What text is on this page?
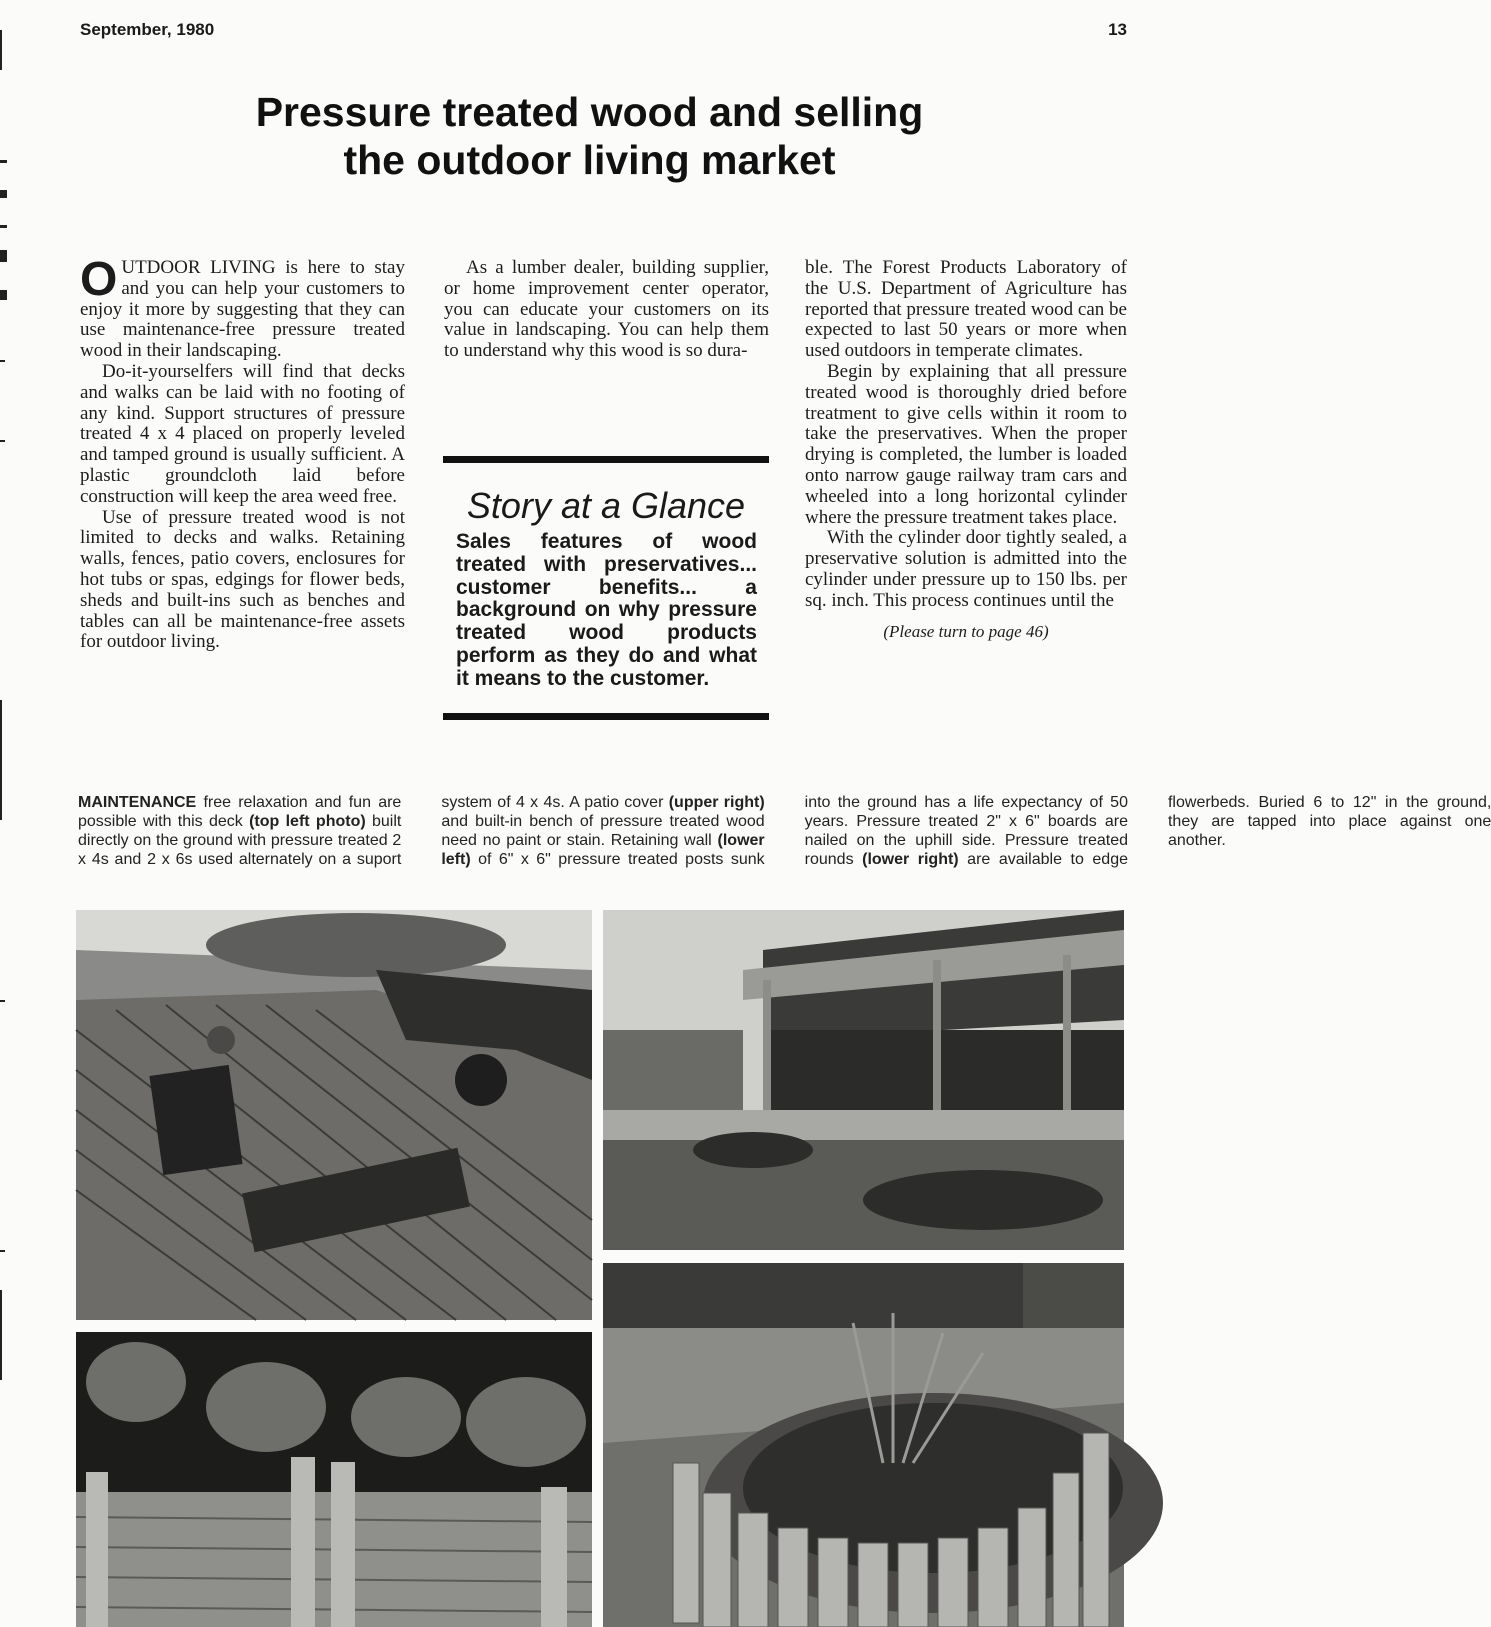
September, 1980	13
Pressure treated wood and selling
the outdoor living market

OUTDOOR LIVING is here to stay and you can help your customers to enjoy it more by suggesting that they can use maintenance-free pressure treated wood in their landscaping.

Do-it-yourselfers will find that decks and walks can be laid with no footing of any kind. Support structures of pressure treated 4 x 4 placed on properly leveled and tamped ground is usually sufficient. A plastic groundcloth laid before construction will keep the area weed free.

Use of pressure treated wood is not limited to decks and walks. Retaining walls, fences, patio covers, enclosures for hot tubs or spas, edgings for flower beds, sheds and built-ins such as benches and tables can all be maintenance-free assets for outdoor living.

As a lumber dealer, building supplier, or home improvement center operator, you can educate your customers on its value in landscaping. You can help them to understand why this wood is so dura-

Story at a Glance
Sales features of wood treated with preservatives... customer benefits... a background on why pressure treated wood products perform as they do and what it means to the customer.

ble. The Forest Products Laboratory of the U.S. Department of Agriculture has reported that pressure treated wood can be expected to last 50 years or more when used outdoors in temperate climates.

Begin by explaining that all pressure treated wood is thoroughly dried before treatment to give cells within it room to take the preservatives. When the proper drying is completed, the lumber is loaded onto narrow gauge railway tram cars and wheeled into a long horizontal cylinder where the pressure treatment takes place.

With the cylinder door tightly sealed, a preservative solution is admitted into the cylinder under pressure up to 150 lbs. per sq. inch. This process continues until the

(Please turn to page 46)
MAINTENANCE free relaxation and fun are possible with this deck (top left photo) built directly on the ground with pressure treated 2 x 4s and 2 x 6s used alternately on a suport system of 4 x 4s. A patio cover (upper right) and built-in bench of pressure treated wood need no paint or stain. Retaining wall (lower left) of 6" x 6" pressure treated posts sunk into the ground has a life expectancy of 50 years. Pressure treated 2" x 6" boards are nailed on the uphill side. Pressure treated rounds (lower right) are available to edge flowerbeds. Buried 6 to 12" in the ground, they are tapped into place against one another.
